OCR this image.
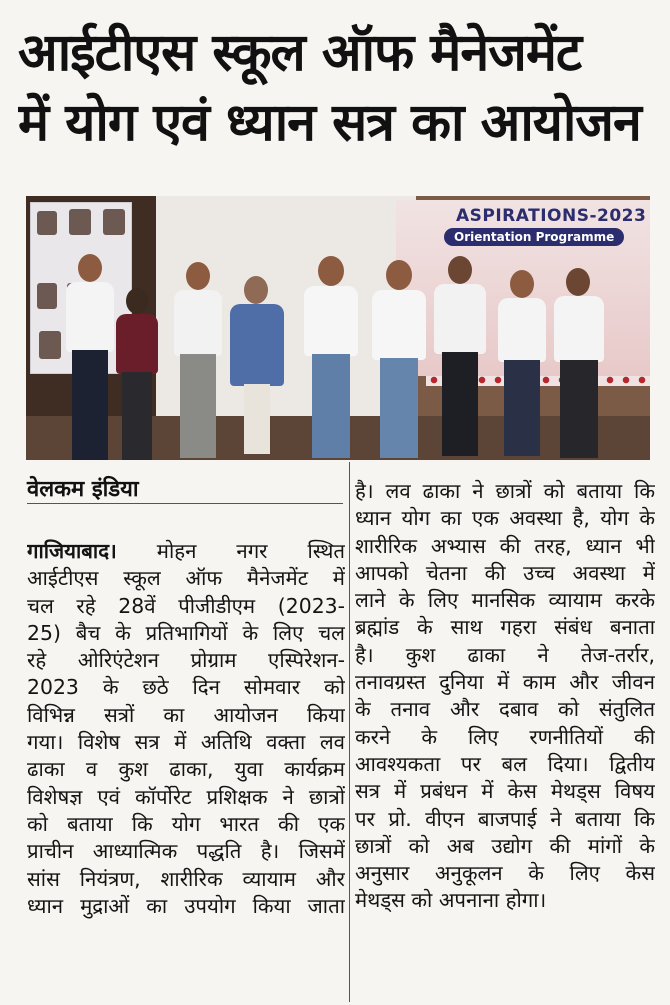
आईटीएस स्कूल ऑफ मैनेजमेंट
में योग एवं ध्यान सत्र का आयोजन
ASPIRATIONS-2023
Orientation Programme
वेलकम इंडिया
गाजियाबाद। मोहन नगर स्थित
आईटीएस स्कूल ऑफ मैनेजमेंट में
चल रहे 28वें पीजीडीएम (2023-
25) बैच के प्रतिभागियों के लिए चल
रहे ओरिएंटेशन प्रोग्राम एस्पिरेशन-
2023 के छठे दिन सोमवार को
विभिन्न सत्रों का आयोजन किया
गया। विशेष सत्र में अतिथि वक्ता लव
ढाका व कुश ढाका, युवा कार्यक्रम
विशेषज्ञ एवं कॉर्पोरेट प्रशिक्षक ने छात्रों
को बताया कि योग भारत की एक
प्राचीन आध्यात्मिक पद्धति है। जिसमें
सांस नियंत्रण, शारीरिक व्यायाम और
ध्यान मुद्राओं का उपयोग किया जाता
है। लव ढाका ने छात्रों को बताया कि
ध्यान योग का एक अवस्था है, योग के
शारीरिक अभ्यास की तरह, ध्यान भी
आपको चेतना की उच्च अवस्था में
लाने के लिए मानसिक व्यायाम करके
ब्रह्मांड के साथ गहरा संबंध बनाता
है। कुश ढाका ने तेज-तर्रार,
तनावग्रस्त दुनिया में काम और जीवन
के तनाव और दबाव को संतुलित
करने के लिए रणनीतियों की
आवश्यकता पर बल दिया। द्वितीय
सत्र में प्रबंधन में केस मेथड्स विषय
पर प्रो. वीएन बाजपाई ने बताया कि
छात्रों को अब उद्योग की मांगों के
अनुसार अनुकूलन के लिए केस
मेथड्स को अपनाना होगा।
